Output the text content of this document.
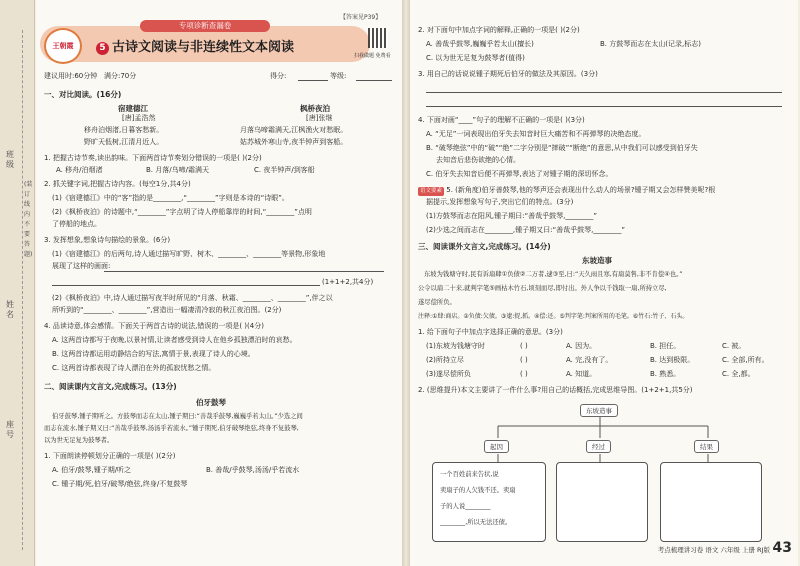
班级
姓名
座号
(装订线内不要答题)
【答案见P39】
王朝霞
专项诊断查漏卷
5 古诗文阅读与非连续性文本阅读
扫我做题 免费看
建议用时:60分钟 满分:70分	得分:	等级:
一、对比阅读。(16分)
宿建德江
[唐]孟浩然
移舟泊烟渚,日暮客愁新。
野旷天低树,江清月近人。
枫桥夜泊
[唐]张继
月落乌啼霜满天,江枫渔火对愁眠。
姑苏城外寒山寺,夜半钟声到客船。
1. 把握古诗节奏,读出韵味。下面两首诗节奏划分错误的一项是( )(2分)
A. 移舟/泊烟渚	B. 月落/乌啼/霜满天	C. 夜半钟声/到客船
2. 抓关键字词,把握古诗内容。(每空1分,共4分)
(1)《宿建德江》中的“客”指的是________,“________”字则是本诗的“诗眼”。
(2)《枫桥夜泊》的诗题中,“________”字点明了诗人停船靠岸的时间,“________”点明
了停船的地点。
3. 发挥想象,想象诗句描绘的景象。(6分)
(1)《宿建德江》的后两句,诗人通过描写旷野、树木、________、________等景物,形象地
展现了这样的画面:
(1+1+2,共4分)
(2)《枫桥夜泊》中,诗人通过描写夜半时所见的“月落、秋霜、________、________”,伴之以
所听到的“________、________”,营造出一幅凄清冷寂的秋江夜泊图。(2分)
4. 品读诗意,体会感情。下面关于两首古诗的说法,错误的一项是( )(4分)
A. 这两首诗都写于夜晚,以景衬情,让读者感受到诗人在他乡孤独漂泊时的哀愁。
B. 这两首诗都运用动静结合的写法,寓情于景,表现了诗人的心境。
C. 这两首诗都表现了诗人漂泊在外的孤寂忧愁之情。
二、阅读课内文言文,完成练习。(13分)
伯牙鼓琴
伯牙鼓琴,锺子期听之。方鼓琴而志在太山,锺子期曰:“善哉乎鼓琴,巍巍乎若太山。”少选之间
而志在流水,锺子期又曰:“善哉乎鼓琴,汤汤乎若流水。”锺子期死,伯牙破琴绝弦,终身不复鼓琴,
以为世无足复为鼓琴者。
1. 下面朗读停顿划分正确的一项是( )(2分)
A. 伯牙/鼓琴,锺子期/听之	B. 善哉/乎鼓琴,汤汤/乎若流水
C. 锺子期/死,伯牙/破琴/绝弦,终身/不复鼓琴
2. 对下面句中加点字词的解释,正确的一项是( )(2分)
A. 善哉乎鼓琴,巍巍乎若太山(擅长)	B. 方鼓琴而志在太山(记录,标志)
C. 以为世无足复为鼓琴者(值得)
3. 用自己的话说说锺子期死后伯牙的做法及其原因。(3分)
4. 下面对画“____”句子的理解不正确的一项是( )(3分)
A. “无足”一词表现出伯牙失去知音时巨大痛苦和不再弹琴的决绝态度。
B. “破琴绝弦”中的“破”“绝”二字分别是“摔破”“断绝”的意思,从中我们可以感受到伯牙失
去知音后悲伤欲绝的心情。
C. 伯牙失去知音后便不再弹琴,表达了对锺子期的深切怀念。
语文要素 5. (新角度)伯牙善鼓琴,他的琴声还会表现出什么动人的场景?锺子期又会怎样赞美呢?根
据提示,发挥想象写句子,突出它们的特点。(3分)
(1)方鼓琴而志在阳风,锺子期曰:“善哉乎鼓琴,________”
(2)少选之间而志在________,锺子期又曰:“善哉乎鼓琴,________”
三、阅读课外文言文,完成练习。(14分)
东坡造事
东坡为钱塘守时,民有诉扇肆①负债②二万者,逮③至,曰:“天久雨且寒,有扇莫售,非不肯偿④也。”
公令以扇二十来,就判字笔⑤画枯木竹石,顷刻而尽,即付出。外人争以千钱取一扇,所持立尽,
遂尽偿所负。
注释:①肆:商店。②负债:欠债。③逮:捉,抓。④偿:还。⑤判字笔:判案所用的毛笔。⑥竹石:竹子、石头。
1. 给下面句子中加点字选择正确的意思。(3分)
(1)东坡为钱塘守时	( )	A. 因为。	B. 担任。	C. 被。
(2)所持立尽	( )	A. 完,没有了。	B. 达到极限。	C. 全部,所有。
(3)遂尽偿所负	( )	A. 知道。	B. 熟悉。	C. 全,都。
2. (思维提升)本文主要讲了一件什么事?用自己的话概括,完成思维导图。(1+2+1,共5分)
东坡造事
起因	经过	结果
一个百姓前来告状,说
卖扇子的人欠钱不还。卖扇
子的人说________
________,所以无法还债。
考点梳理讲习卷 语文 六年级 上册 RJ版 43
